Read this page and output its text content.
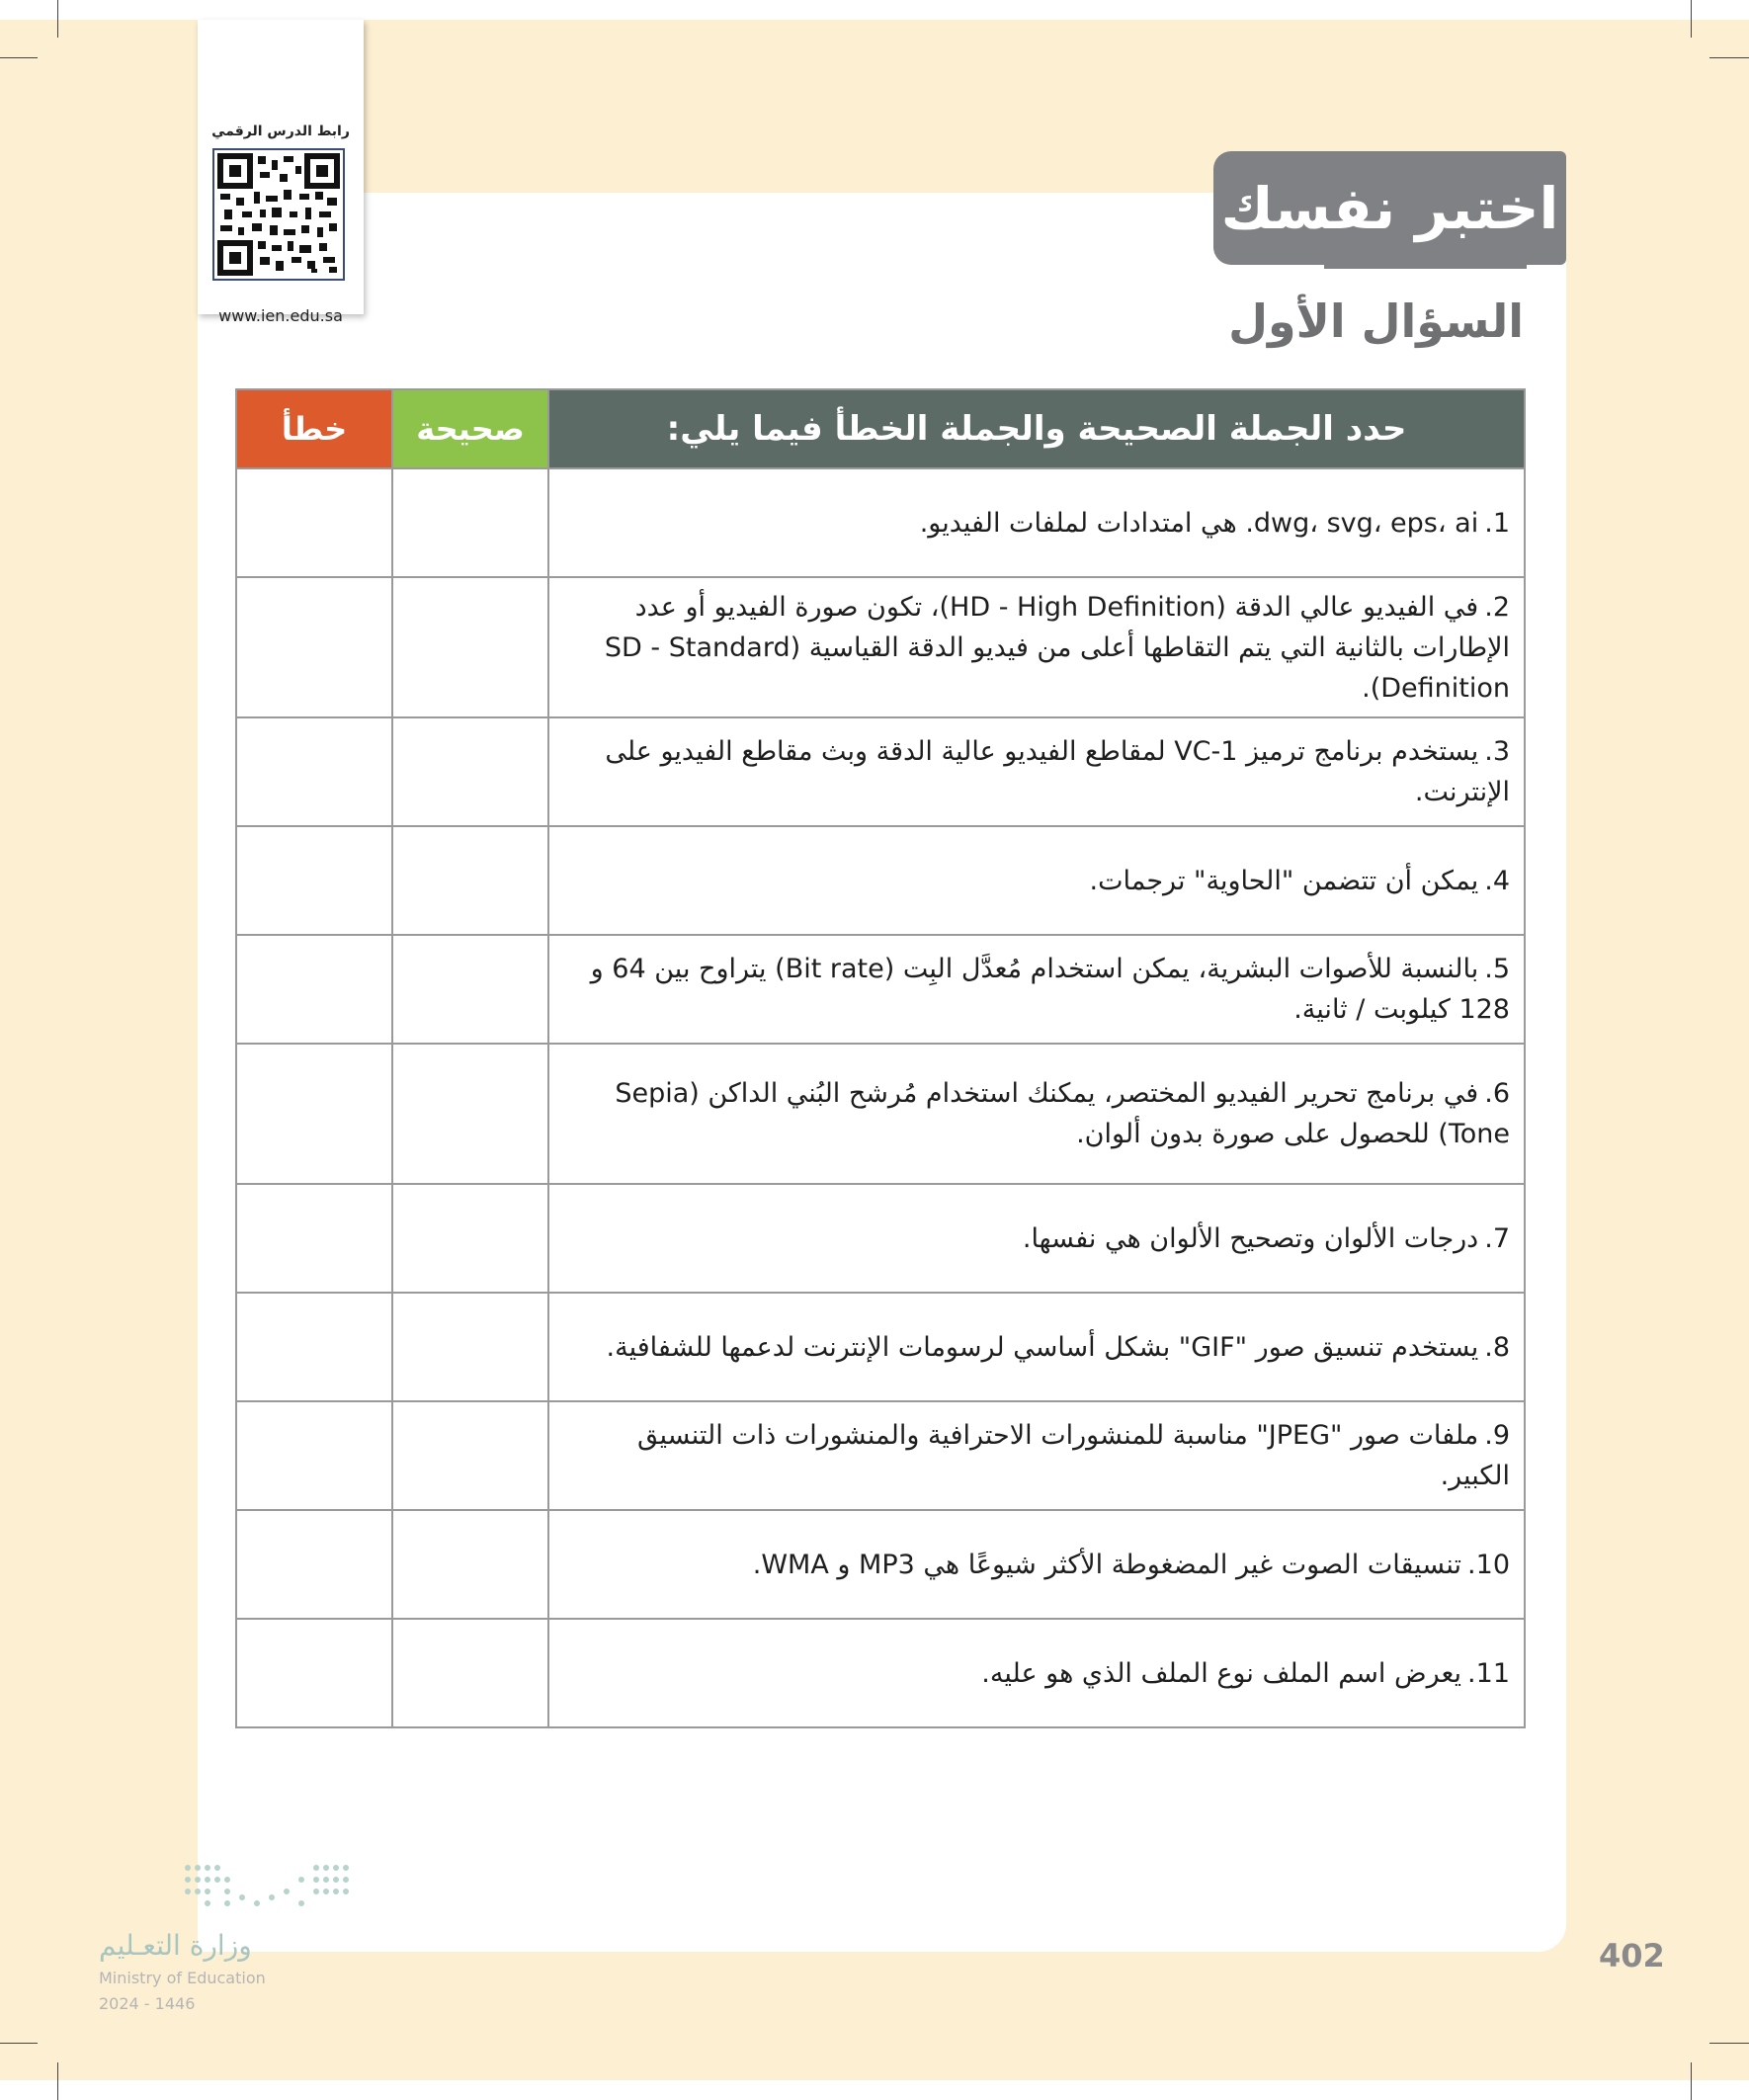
رابط الدرس الرقمي
www.ien.edu.sa
اختبر نفسك
السؤال الأول
خطأ	صحيحة	حدد الجملة الصحيحة والجملة الخطأ فيما يلي:
		1.dwg، svg، eps، ai. هي امتدادات لملفات الفيديو.
		2.في الفيديو عالي الدقة (HD - High Definition)، تكون صورة الفيديو أو عدد الإطارات بالثانية التي يتم التقاطها أعلى من فيديو الدقة القياسية (SD - Standard Definition).
		3.يستخدم برنامج ترميز VC-1 لمقاطع الفيديو عالية الدقة وبث مقاطع الفيديو على الإنترنت.
		4.يمكن أن تتضمن "الحاوية" ترجمات.
		5.بالنسبة للأصوات البشرية، يمكن استخدام مُعدَّل البِت (Bit rate) يتراوح بين 64 و 128 كيلوبت / ثانية.
		6.في برنامج تحرير الفيديو المختصر، يمكنك استخدام مُرشح البُني الداكن (Sepia Tone) للحصول على صورة بدون ألوان.
		7.درجات الألوان وتصحيح الألوان هي نفسها.
		8.يستخدم تنسيق صور "GIF" بشكل أساسي لرسومات الإنترنت لدعمها للشفافية.
		9.ملفات صور "JPEG" مناسبة للمنشورات الاحترافية والمنشورات ذات التنسيق الكبير.
		10.تنسيقات الصوت غير المضغوطة الأكثر شيوعًا هي MP3 و WMA.
		11.يعرض اسم الملف نوع الملف الذي هو عليه.
وزارة التعـليم
Ministry of Education
2024 - 1446
402
